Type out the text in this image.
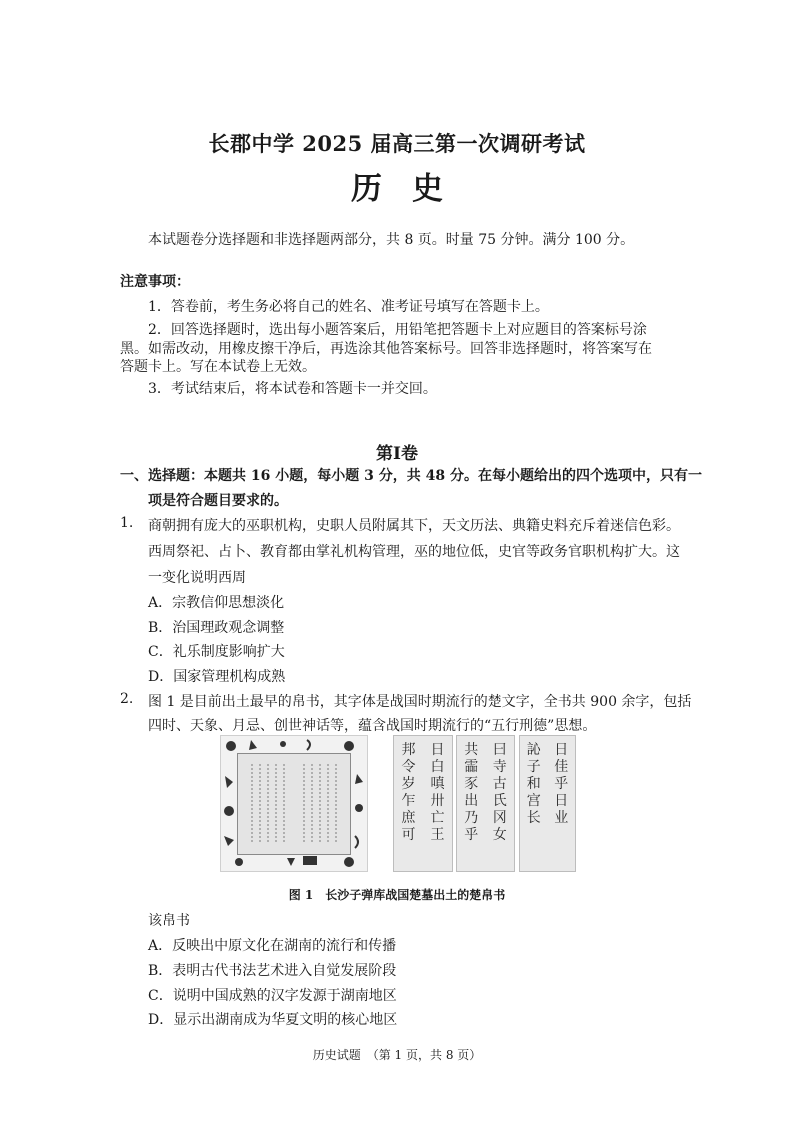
长郡中学 2025 届高三第一次调研考试
历史
本试题卷分选择题和非选择题两部分，共 8 页。时量 75 分钟。满分 100 分。
注意事项：
1．答卷前，考生务必将自己的姓名、准考证号填写在答题卡上。
2．回答选择题时，选出每小题答案后，用铅笔把答题卡上对应题目的答案标号涂
黑。如需改动，用橡皮擦干净后，再选涂其他答案标号。回答非选择题时，将答案写在
答题卡上。写在本试卷上无效。
3．考试结束后，将本试卷和答题卡一并交回。
第Ⅰ卷
一、选择题：本题共 16 小题，每小题 3 分，共 48 分。在每小题给出的四个选项中，只有一
项是符合题目要求的。
1. 商朝拥有庞大的巫职机构，史职人员附属其下，天文历法、典籍史料充斥着迷信色彩。
西周祭祀、占卜、教育都由掌礼机构管理，巫的地位低，史官等政务官职机构扩大。这
一变化说明西周
A．宗教信仰思想淡化
B．治国理政观念调整
C．礼乐制度影响扩大
D．国家管理机构成熟
2. 图 1 是目前出土最早的帛书，其字体是战国时期流行的楚文字，全书共 900 余字，包括
四时、天象、月忌、创世神话等，蕴含战国时期流行的“五行刑德”思想。
邦
令
岁
乍
庶
可
日
白
嗔
卅
亡
王
共
霝
豕
出
乃
乎
曰
寺
古
氏
冈
女
訫
子
和
宫
长
日
佳
乎
日
业
图 1　长沙子弹库战国楚墓出土的楚帛书
该帛书
A．反映出中原文化在湖南的流行和传播
B．表明古代书法艺术进入自觉发展阶段
C．说明中国成熟的汉字发源于湖南地区
D．显示出湖南成为华夏文明的核心地区
历史试题　（第 1 页，共 8 页）
